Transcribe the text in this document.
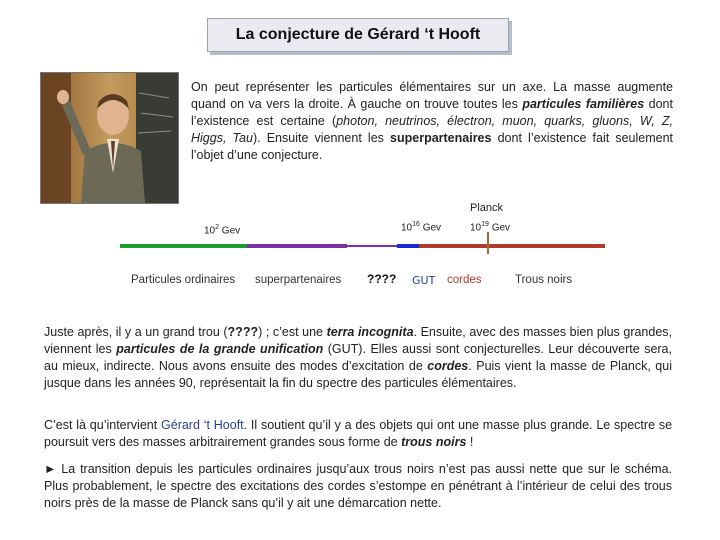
La conjecture de Gérard ‘t Hooft
On peut représenter les particules élémentaires sur un axe. La masse augmente quand on va vers la droite. À gauche on trouve toutes les particules familières dont l’existence est certaine (photon, neutrinos, électron, muon, quarks, gluons, W, Z, Higgs, Tau). Ensuite viennent les superpartenaires dont l’existence fait seulement l’objet d’une conjecture.
Planck
$10^2$ Gev	$10^{16}$ Gev	$10^{19}$ Gev
Particules ordinaires superpartenaires ???? GUT cordes	Trous noirs
Juste après, il y a un grand trou (????) ; c’est une terra incognita. Ensuite, avec des masses bien plus grandes, viennent les particules de la grande unification (GUT). Elles aussi sont conjecturelles. Leur découverte sera, au mieux, indirecte. Nous avons ensuite des modes d’excitation de cordes. Puis vient la masse de Planck, qui jusque dans les années 90, représentait la fin du spectre des particules élémentaires.
C’est là qu’intervient Gérard ‘t Hooft. Il soutient qu’il y a des objets qui ont une masse plus grande. Le spectre se poursuit vers des masses arbitrairement grandes sous forme de trous noirs !
► La transition depuis les particules ordinaires jusqu’aux trous noirs n’est pas aussi nette que sur le schéma. Plus probablement, le spectre des excitations des cordes s’estompe en pénétrant à l’intérieur de celui des trous noirs près de la masse de Planck sans qu’il y ait une démarcation nette.
